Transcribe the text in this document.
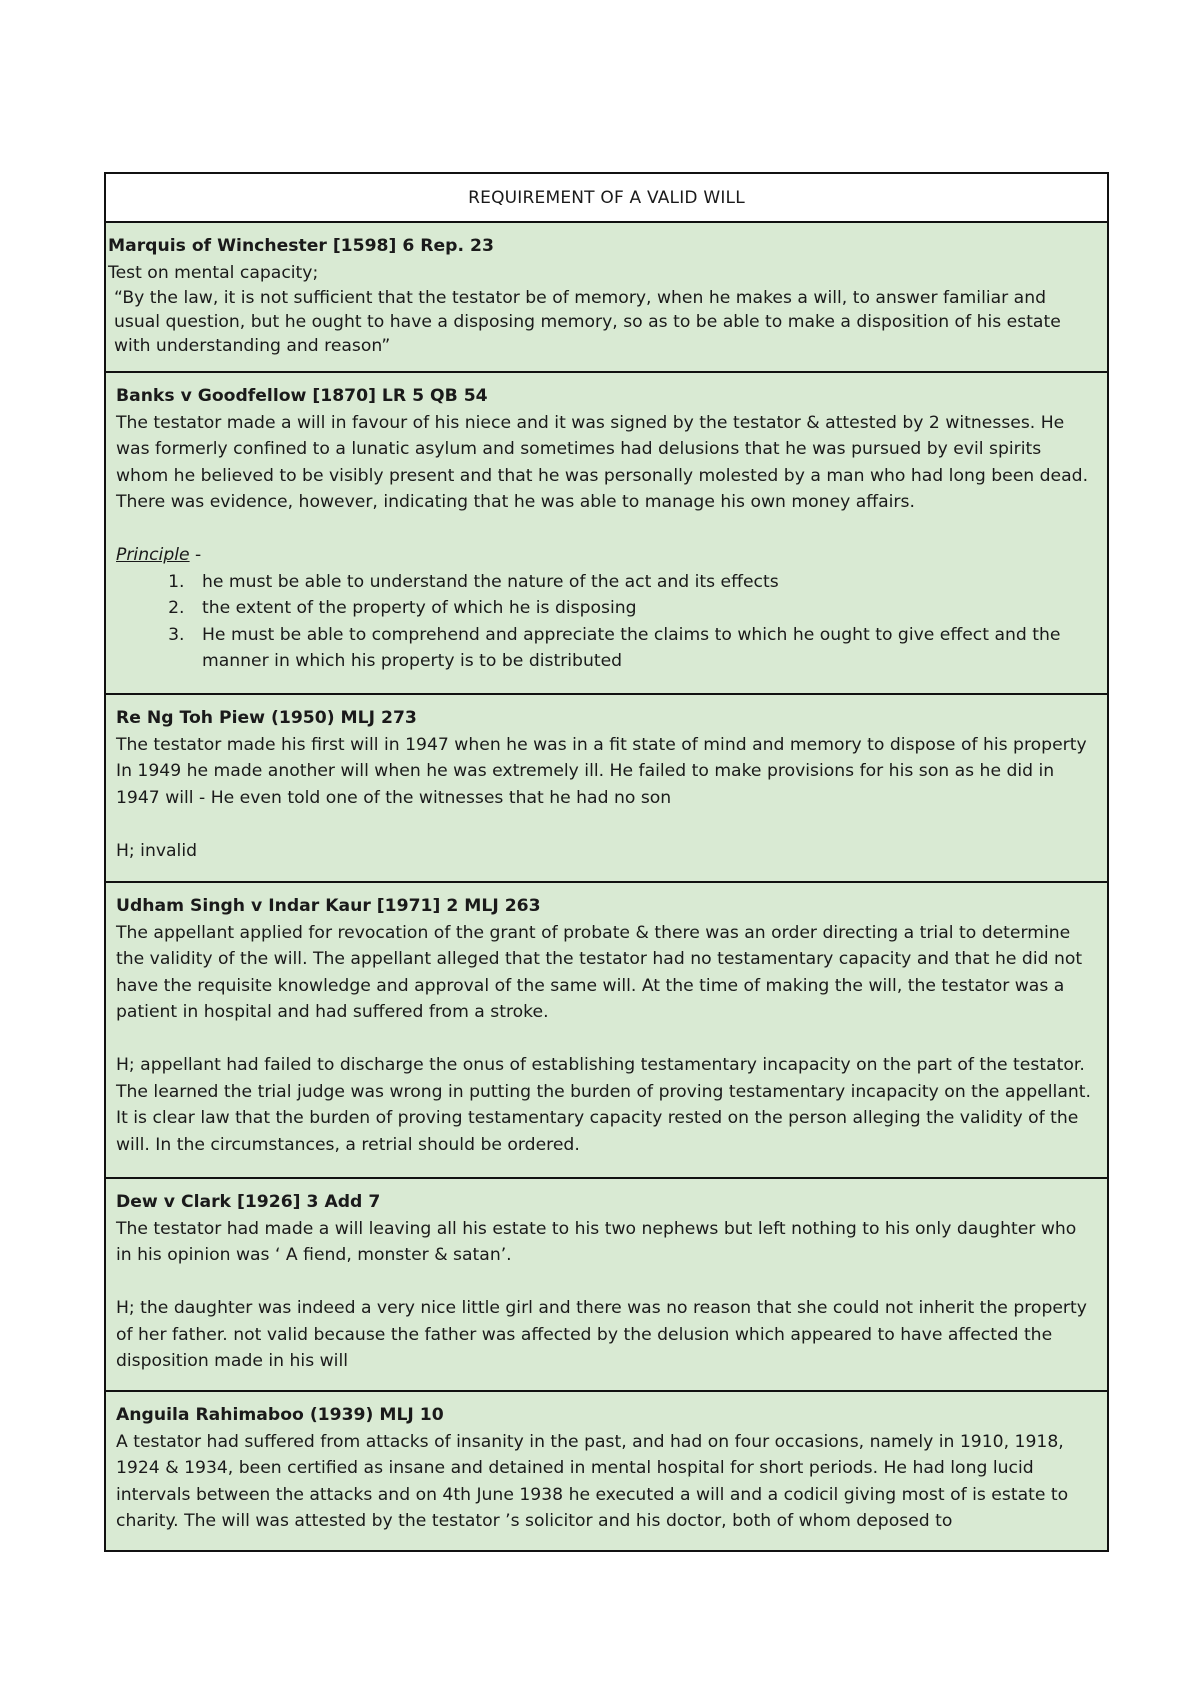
REQUIREMENT OF A VALID WILL

Marquis of Winchester [1598] 6 Rep. 23

Test on mental capacity;

“By the law, it is not sufficient that the testator be of memory, when he makes a will, to answer familiar and usual question, but he ought to have a disposing memory, so as to be able to make a disposition of his estate with understanding and reason”

Banks v Goodfellow [1870] LR 5 QB 54

The testator made a will in favour of his niece and it was signed by the testator & attested by 2 witnesses. He was formerly confined to a lunatic asylum and sometimes had delusions that he was pursued by evil spirits whom he believed to be visibly present and that he was personally molested by a man who had long been dead. There was evidence, however, indicating that he was able to manage his own money affairs.

Principle -

1. he must be able to understand the nature of the act and its effects
2. the extent of the property of which he is disposing
3. He must be able to comprehend and appreciate the claims to which he ought to give effect and the manner in which his property is to be distributed

Re Ng Toh Piew (1950) MLJ 273

The testator made his first will in 1947 when he was in a fit state of mind and memory to dispose of his property In 1949 he made another will when he was extremely ill. He failed to make provisions for his son as he did in 1947 will - He even told one of the witnesses that he had no son

H; invalid

Udham Singh v Indar Kaur [1971] 2 MLJ 263

The appellant applied for revocation of the grant of probate & there was an order directing a trial to determine the validity of the will. The appellant alleged that the testator had no testamentary capacity and that he did not have the requisite knowledge and approval of the same will. At the time of making the will, the testator was a patient in hospital and had suffered from a stroke.

H; appellant had failed to discharge the onus of establishing testamentary incapacity on the part of the testator. The learned the trial judge was wrong in putting the burden of proving testamentary incapacity on the appellant. It is clear law that the burden of proving testamentary capacity rested on the person alleging the validity of the will. In the circumstances, a retrial should be ordered.

Dew v Clark [1926] 3 Add 7

The testator had made a will leaving all his estate to his two nephews but left nothing to his only daughter who in his opinion was ‘ A fiend, monster & satan’.

H; the daughter was indeed a very nice little girl and there was no reason that she could not inherit the property of her father. not valid because the father was affected by the delusion which appeared to have affected the disposition made in his will

Anguila Rahimaboo (1939) MLJ 10

A testator had suffered from attacks of insanity in the past, and had on four occasions, namely in 1910, 1918, 1924 & 1934, been certified as insane and detained in mental hospital for short periods. He had long lucid intervals between the attacks and on 4th June 1938 he executed a will and a codicil giving most of is estate to charity. The will was attested by the testator ’s solicitor and his doctor, both of whom deposed to
